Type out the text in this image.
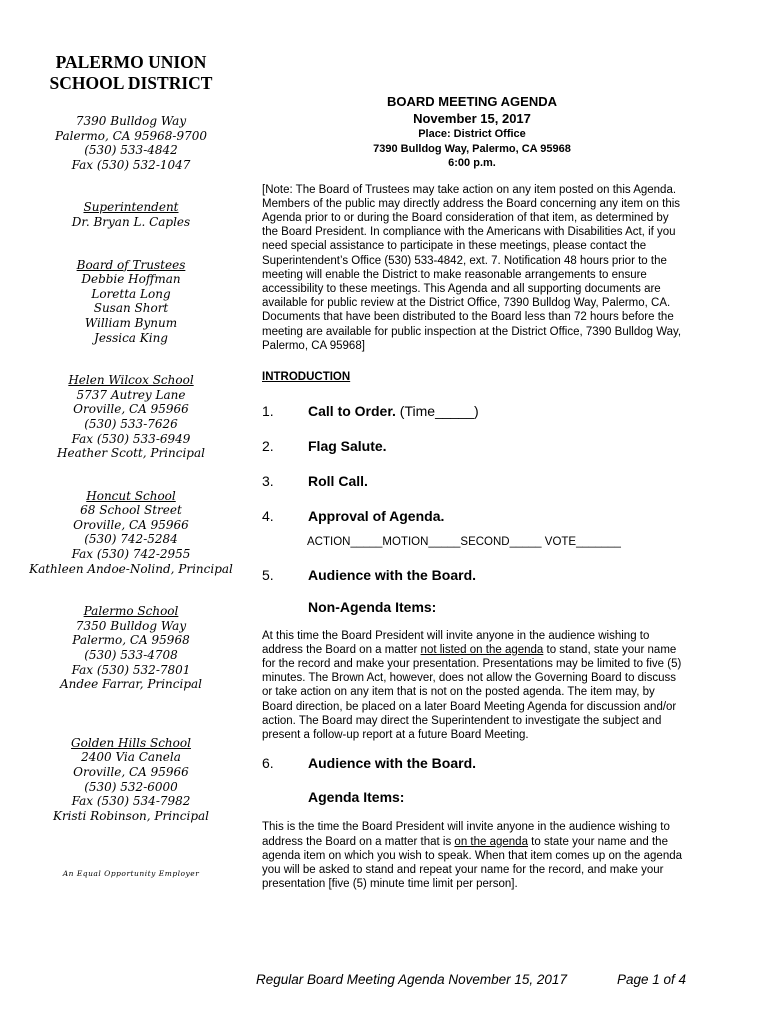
PALERMO UNION
SCHOOL DISTRICT
7390 Bulldog Way
Palermo, CA 95968-9700
(530) 533-4842
Fax (530) 532-1047
Superintendent
Dr. Bryan L. Caples
Board of Trustees
Debbie Hoffman
Loretta Long
Susan Short
William Bynum
Jessica King
Helen Wilcox School
5737 Autrey Lane
Oroville, CA 95966
(530) 533-7626
Fax (530) 533-6949
Heather Scott, Principal
Honcut School
68 School Street
Oroville, CA 95966
(530) 742-5284
Fax (530) 742-2955
Kathleen Andoe-Nolind, Principal
Palermo School
7350 Bulldog Way
Palermo, CA 95968
(530) 533-4708
Fax (530) 532-7801
Andee Farrar, Principal
Golden Hills School
2400 Via Canela
Oroville, CA 95966
(530) 532-6000
Fax (530) 534-7982
Kristi Robinson, Principal
An Equal Opportunity Employer
BOARD MEETING AGENDA
November 15, 2017
Place: District Office
7390 Bulldog Way, Palermo, CA 95968
6:00 p.m.
[Note: The Board of Trustees may take action on any item posted on this Agenda. Members of the public may directly address the Board concerning any item on this Agenda prior to or during the Board consideration of that item, as determined by the Board President. In compliance with the Americans with Disabilities Act, if you need special assistance to participate in these meetings, please contact the Superintendent’s Office (530) 533-4842, ext. 7. Notification 48 hours prior to the meeting will enable the District to make reasonable arrangements to ensure accessibility to these meetings. This Agenda and all supporting documents are available for public review at the District Office, 7390 Bulldog Way, Palermo, CA. Documents that have been distributed to the Board less than 72 hours before the meeting are available for public inspection at the District Office, 7390 Bulldog Way, Palermo, CA 95968]
INTRODUCTION
1.	Call to Order. (Time_____)
2.	Flag Salute.
3.	Roll Call.
4.	Approval of Agenda.
ACTION_____MOTION_____SECOND_____ VOTE_______
5.	Audience with the Board.
Non-Agenda Items:
At this time the Board President will invite anyone in the audience wishing to address the Board on a matter not listed on the agenda to stand, state your name for the record and make your presentation. Presentations may be limited to five (5) minutes. The Brown Act, however, does not allow the Governing Board to discuss or take action on any item that is not on the posted agenda. The item may, by Board direction, be placed on a later Board Meeting Agenda for discussion and/or action. The Board may direct the Superintendent to investigate the subject and present a follow-up report at a future Board Meeting.
6.	Audience with the Board.
Agenda Items:
This is the time the Board President will invite anyone in the audience wishing to address the Board on a matter that is on the agenda to state your name and the agenda item on which you wish to speak. When that item comes up on the agenda you will be asked to stand and repeat your name for the record, and make your presentation [five (5) minute time limit per person].
Regular Board Meeting Agenda November 15, 2017	Page 1 of 4
